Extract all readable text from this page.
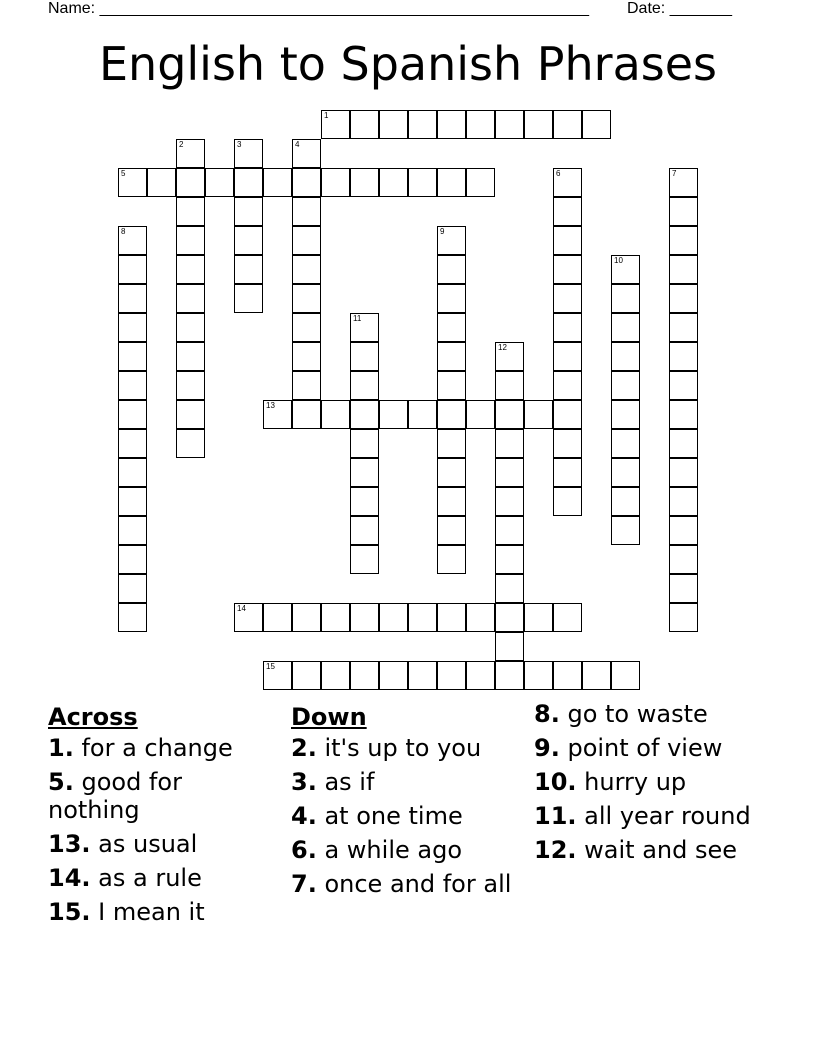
Name: _______________________________________________________ Date: _______
English to Spanish Phrases
1
2	3	4
5	6	7
8	9
10
11
12
13
14
15
Across
1. for a change
5. good for nothing
13. as usual
14. as a rule
15. I mean it
Down
2. it's up to you
3. as if
4. at one time
6. a while ago
7. once and for all
8. go to waste
9. point of view
10. hurry up
11. all year round
12. wait and see
